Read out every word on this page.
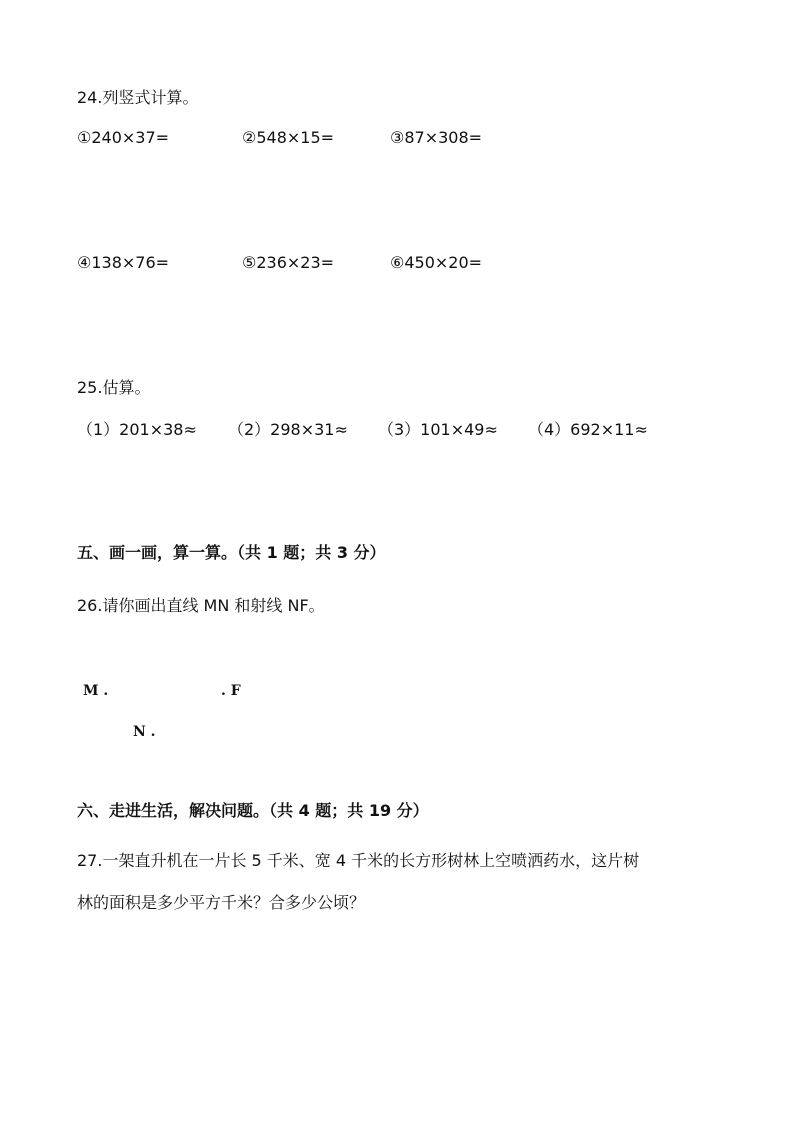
24.列竖式计算。
①240×37=	②548×15=	③87×308=
④138×76=	⑤236×23=	⑥450×20=
25.估算。
（1）201×38≈ （2）298×31≈ （3）101×49≈ （4）692×11≈
五、画一画，算一算。（共 1 题；共 3 分）
26.请你画出直线 MN 和射线 NF。
M .	. F
N .
六、走进生活，解决问题。（共 4 题；共 19 分）
27.一架直升机在一片长 5 千米、宽 4 千米的长方形树林上空喷洒药水，这片树
林的面积是多少平方千米？合多少公顷？
